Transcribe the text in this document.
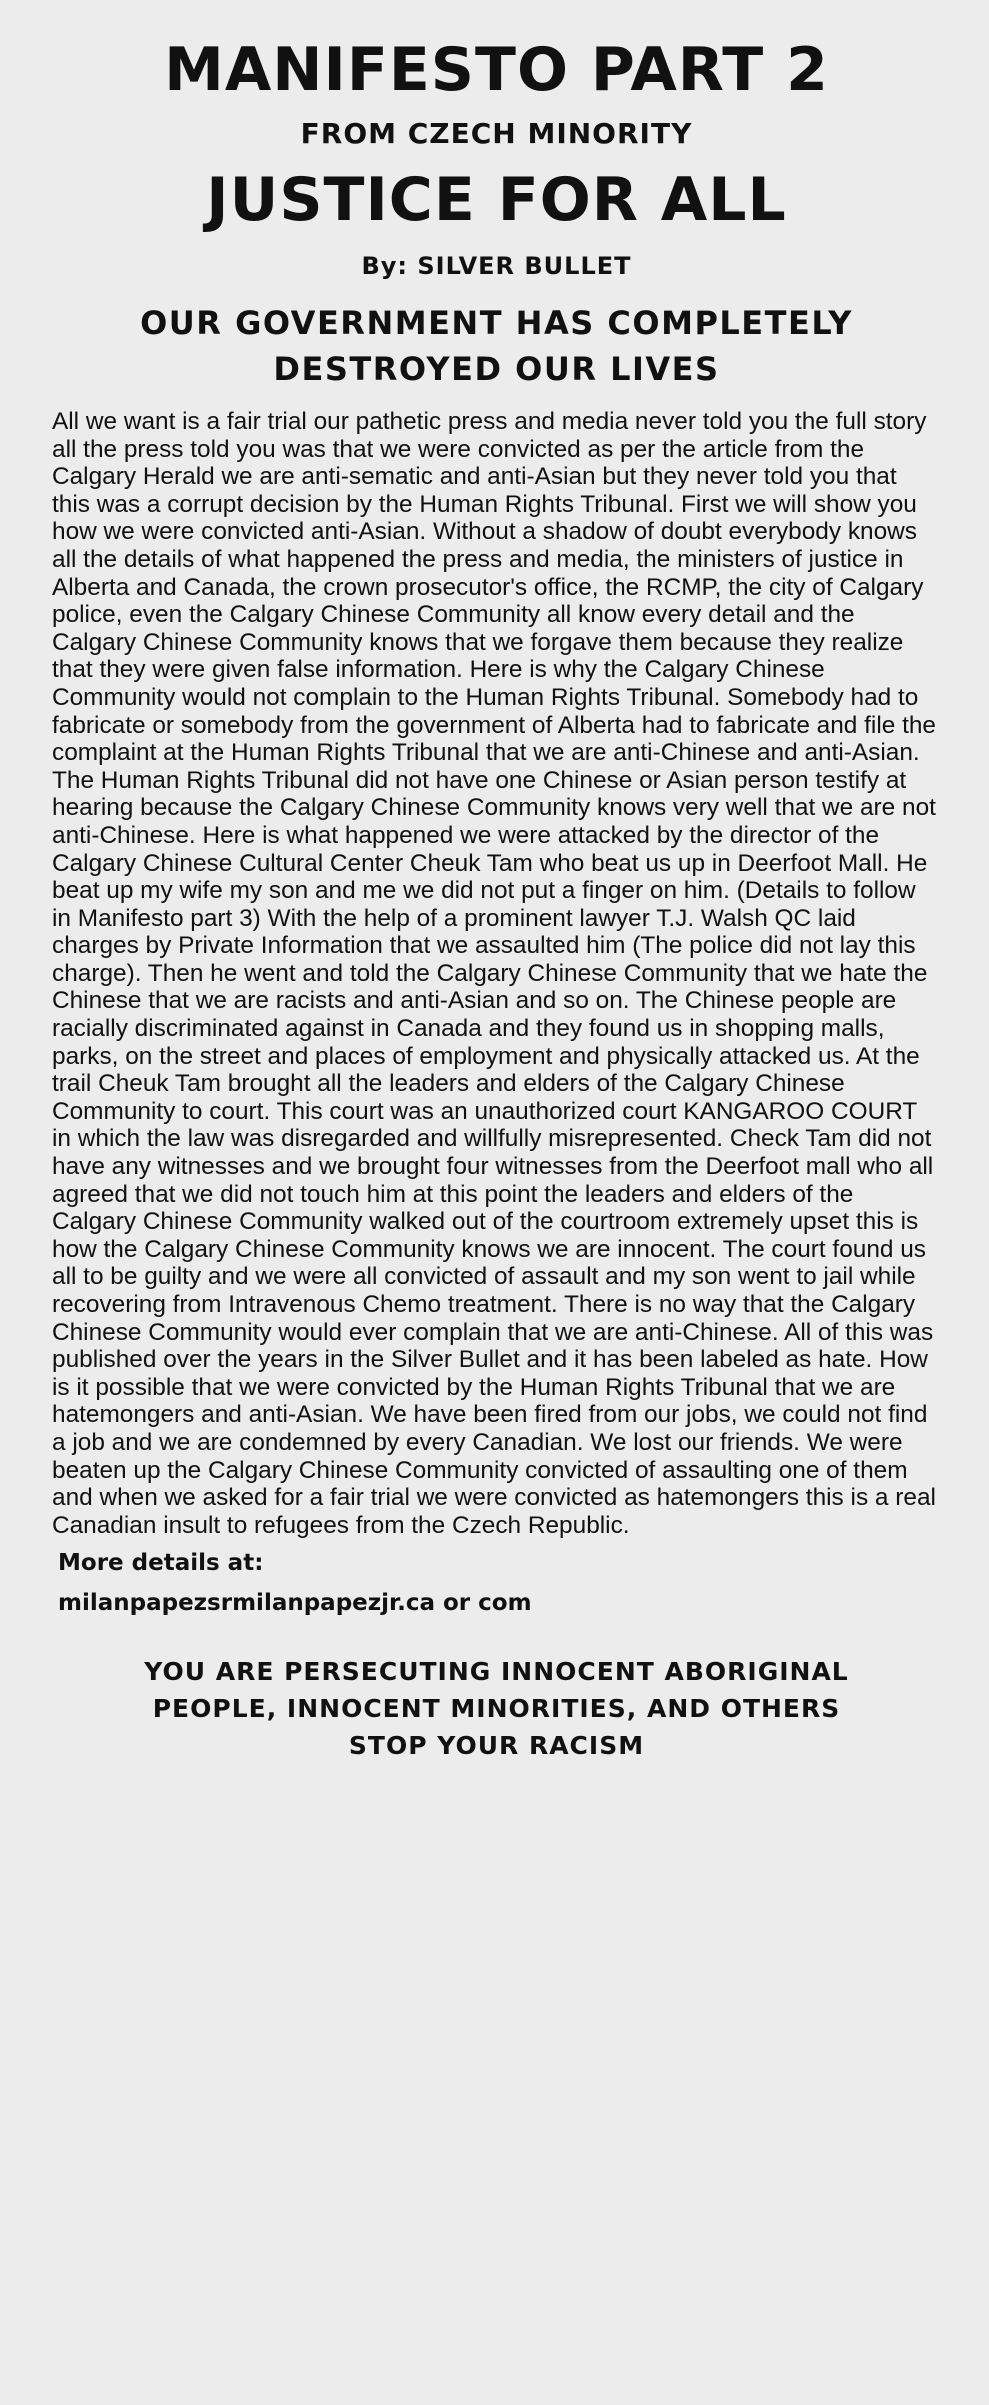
MANIFESTO PART 2
FROM CZECH MINORITY
JUSTICE FOR ALL
By: SILVER BULLET
OUR GOVERNMENT HAS COMPLETELY
DESTROYED OUR LIVES

All we want is a fair trial our pathetic press and media never told you the full story all the press told you was that we were convicted as per the article from the Calgary Herald we are anti-sematic and anti-Asian but they never told you that this was a corrupt decision by the Human Rights Tribunal. First we will show you how we were convicted anti-Asian. Without a shadow of doubt everybody knows all the details of what happened the press and media, the ministers of justice in Alberta and Canada, the crown prosecutor's office, the RCMP, the city of Calgary police, even the Calgary Chinese Community all know every detail and the Calgary Chinese Community knows that we forgave them because they realize that they were given false information. Here is why the Calgary Chinese Community would not complain to the Human Rights Tribunal. Somebody had to fabricate or somebody from the government of Alberta had to fabricate and file the complaint at the Human Rights Tribunal that we are anti-Chinese and anti-Asian. The Human Rights Tribunal did not have one Chinese or Asian person testify at hearing because the Calgary Chinese Community knows very well that we are not anti-Chinese. Here is what happened we were attacked by the director of the Calgary Chinese Cultural Center Cheuk Tam who beat us up in Deerfoot Mall. He beat up my wife my son and me we did not put a finger on him. (Details to follow in Manifesto part 3) With the help of a prominent lawyer T.J. Walsh QC laid charges by Private Information that we assaulted him (The police did not lay this charge). Then he went and told the Calgary Chinese Community that we hate the Chinese that we are racists and anti-Asian and so on. The Chinese people are racially discriminated against in Canada and they found us in shopping malls, parks, on the street and places of employment and physically attacked us. At the trail Cheuk Tam brought all the leaders and elders of the Calgary Chinese Community to court. This court was an unauthorized court KANGAROO COURT in which the law was disregarded and willfully misrepresented. Check Tam did not have any witnesses and we brought four witnesses from the Deerfoot mall who all agreed that we did not touch him at this point the leaders and elders of the Calgary Chinese Community walked out of the courtroom extremely upset this is how the Calgary Chinese Community knows we are innocent. The court found us all to be guilty and we were all convicted of assault and my son went to jail while recovering from Intravenous Chemo treatment. There is no way that the Calgary Chinese Community would ever complain that we are anti-Chinese. All of this was published over the years in the Silver Bullet and it has been labeled as hate. How is it possible that we were convicted by the Human Rights Tribunal that we are hatemongers and anti-Asian. We have been fired from our jobs, we could not find a job and we are condemned by every Canadian. We lost our friends. We were beaten up the Calgary Chinese Community convicted of assaulting one of them and when we asked for a fair trial we were convicted as hatemongers this is a real Canadian insult to refugees from the Czech Republic.

More details at:
milanpapezsrmilanpapezjr.ca or com
YOU ARE PERSECUTING INNOCENT ABORIGINAL
PEOPLE, INNOCENT MINORITIES, AND OTHERS
STOP YOUR RACISM
